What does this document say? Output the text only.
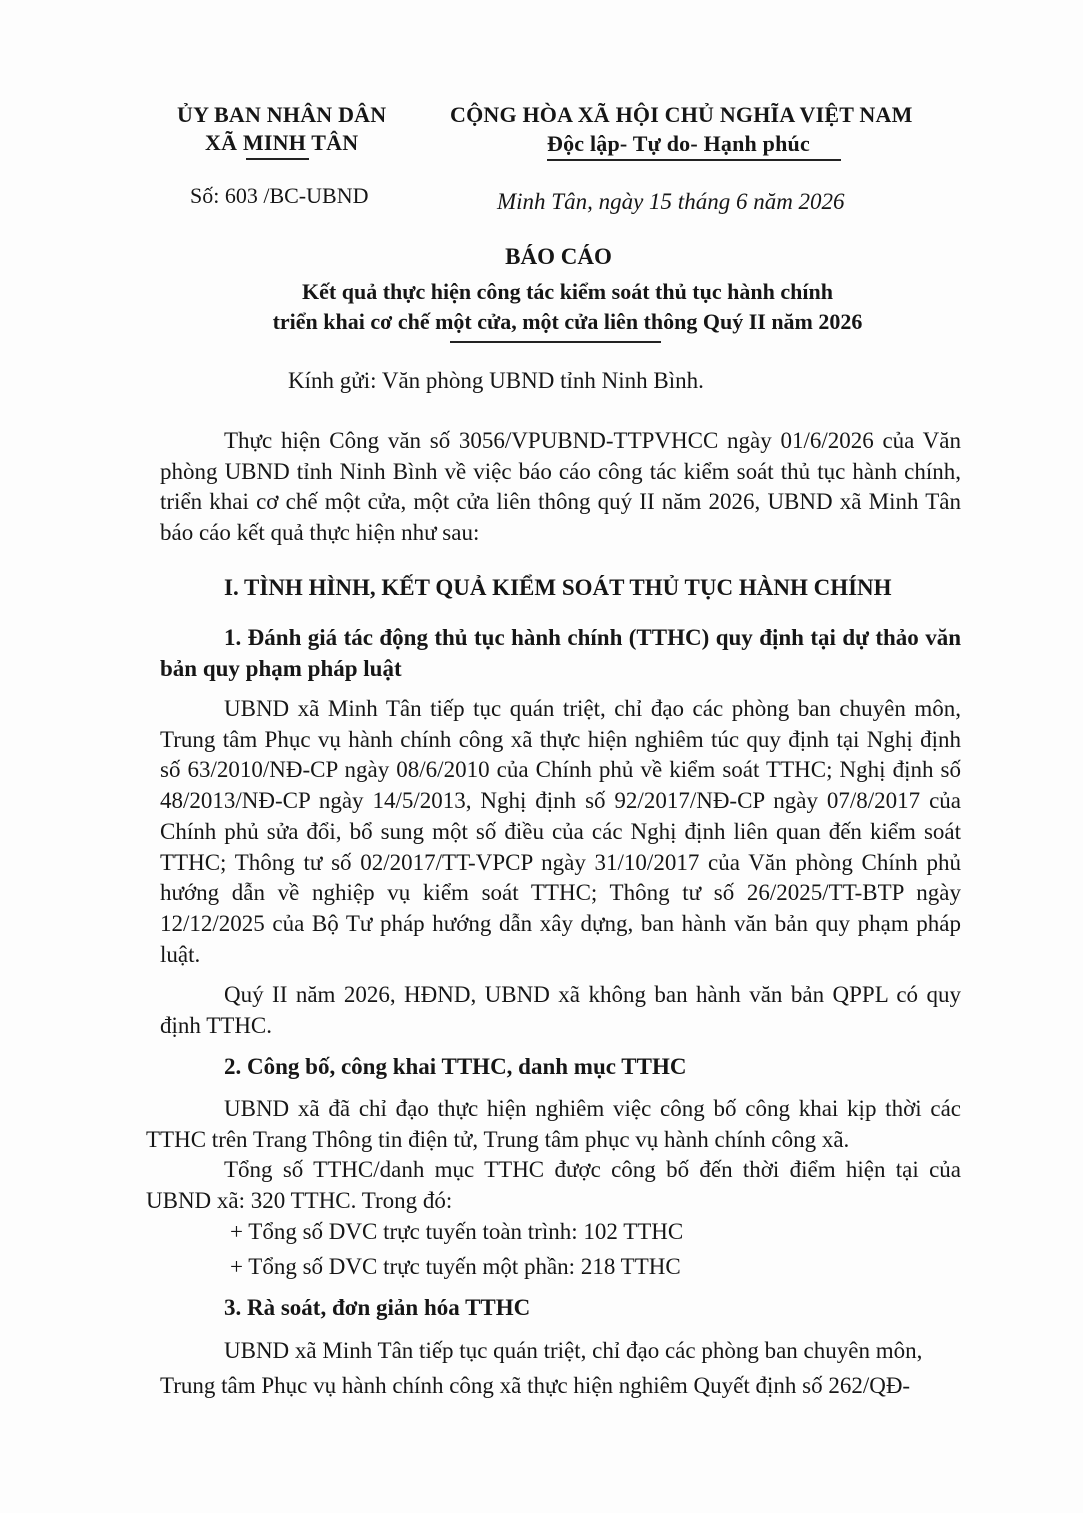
ỦY BAN NHÂN DÂN
XÃ MINH TÂN
Số: 603 /BC-UBND
CỘNG HÒA XÃ HỘI CHỦ NGHĨA VIỆT NAM
Độc lập- Tự do- Hạnh phúc
Minh Tân, ngày 15 tháng 6 năm 2026
BÁO CÁO
Kết quả thực hiện công tác kiểm soát thủ tục hành chính
triển khai cơ chế một cửa, một cửa liên thông Quý II năm 2026
Kính gửi: Văn phòng UBND tỉnh Ninh Bình.
Thực hiện Công văn số 3056/VPUBND-TTPVHCC ngày 01/6/2026 của Văn phòng UBND tỉnh Ninh Bình về việc báo cáo công tác kiểm soát thủ tục hành chính, triển khai cơ chế một cửa, một cửa liên thông quý II năm 2026, UBND xã Minh Tân báo cáo kết quả thực hiện như sau:
I. TÌNH HÌNH, KẾT QUẢ KIỂM SOÁT THỦ TỤC HÀNH CHÍNH
1. Đánh giá tác động thủ tục hành chính (TTHC) quy định tại dự thảo văn bản quy phạm pháp luật
UBND xã Minh Tân tiếp tục quán triệt, chỉ đạo các phòng ban chuyên môn, Trung tâm Phục vụ hành chính công xã thực hiện nghiêm túc quy định tại Nghị định số 63/2010/NĐ-CP ngày 08/6/2010 của Chính phủ về kiểm soát TTHC; Nghị định số 48/2013/NĐ-CP ngày 14/5/2013, Nghị định số 92/2017/NĐ-CP ngày 07/8/2017 của Chính phủ sửa đổi, bổ sung một số điều của các Nghị định liên quan đến kiểm soát TTHC; Thông tư số 02/2017/TT-VPCP ngày 31/10/2017 của Văn phòng Chính phủ hướng dẫn về nghiệp vụ kiểm soát TTHC; Thông tư số 26/2025/TT-BTP ngày 12/12/2025 của Bộ Tư pháp hướng dẫn xây dựng, ban hành văn bản quy phạm pháp luật.
Quý II năm 2026, HĐND, UBND xã không ban hành văn bản QPPL có quy định TTHC.
2. Công bố, công khai TTHC, danh mục TTHC
UBND xã đã chỉ đạo thực hiện nghiêm việc công bố công khai kịp thời các TTHC trên Trang Thông tin điện tử, Trung tâm phục vụ hành chính công xã.
Tổng số TTHC/danh mục TTHC được công bố đến thời điểm hiện tại của UBND xã: 320 TTHC. Trong đó:
+ Tổng số DVC trực tuyến toàn trình: 102 TTHC
+ Tổng số DVC trực tuyến một phần: 218 TTHC
3. Rà soát, đơn giản hóa TTHC
UBND xã Minh Tân tiếp tục quán triệt, chỉ đạo các phòng ban chuyên môn,
Trung tâm Phục vụ hành chính công xã thực hiện nghiêm Quyết định số 262/QĐ-
